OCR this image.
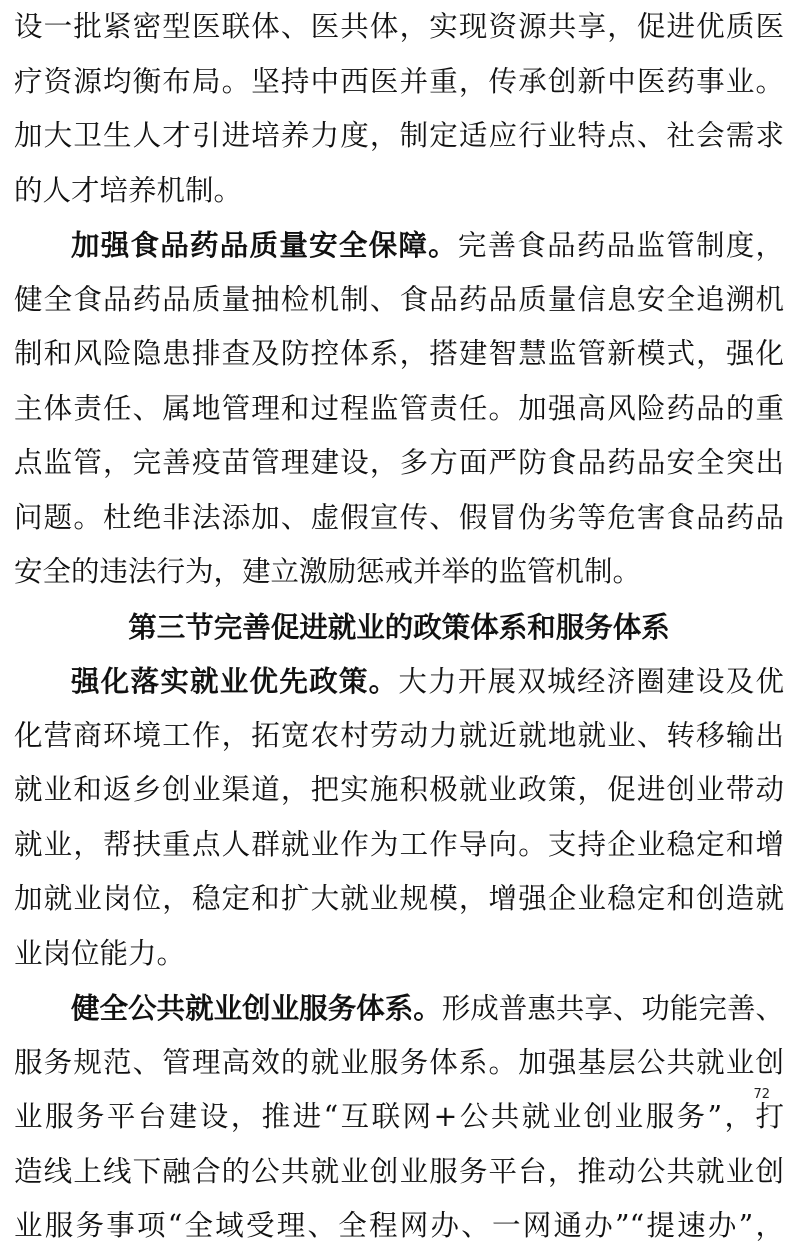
设一批紧密型医联体、医共体，实现资源共享，促进优质医
疗资源均衡布局。坚持中西医并重，传承创新中医药事业。
加大卫生人才引进培养力度，制定适应行业特点、社会需求
的人才培养机制。
加强食品药品质量安全保障。完善食品药品监管制度，
健全食品药品质量抽检机制、食品药品质量信息安全追溯机
制和风险隐患排查及防控体系，搭建智慧监管新模式，强化
主体责任、属地管理和过程监管责任。加强高风险药品的重
点监管，完善疫苗管理建设，多方面严防食品药品安全突出
问题。杜绝非法添加、虚假宣传、假冒伪劣等危害食品药品
安全的违法行为，建立激励惩戒并举的监管机制。
第三节完善促进就业的政策体系和服务体系
强化落实就业优先政策。大力开展双城经济圈建设及优
化营商环境工作，拓宽农村劳动力就近就地就业、转移输出
就业和返乡创业渠道，把实施积极就业政策，促进创业带动
就业，帮扶重点人群就业作为工作导向。支持企业稳定和增
加就业岗位，稳定和扩大就业规模，增强企业稳定和创造就
业岗位能力。
健全公共就业创业服务体系。形成普惠共享、功能完善、
服务规范、管理高效的就业服务体系。加强基层公共就业创
业服务平台建设，推进“互联网+公共就业创业服务”，打
造线上线下融合的公共就业创业服务平台，推动公共就业创
业服务事项“全域受理、全程网办、一网通办”“提速办”，
72
